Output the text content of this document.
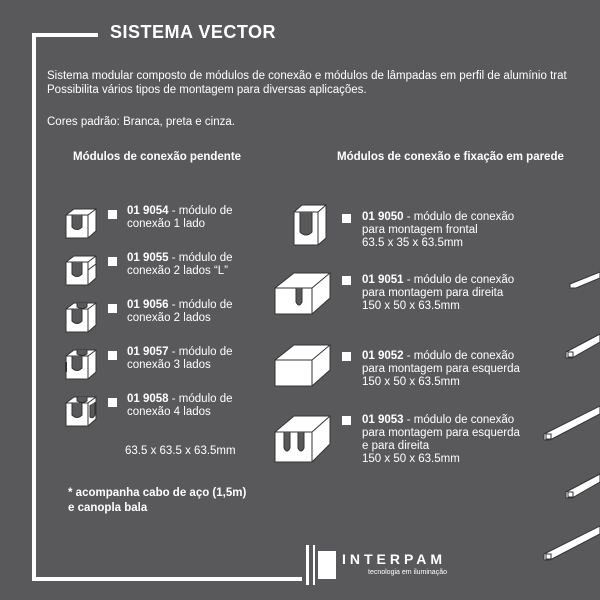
SISTEMA VECTOR
Sistema modular composto de módulos de conexão e módulos de lâmpadas em perfil de alumínio trat
Possibilita vários tipos de montagem para diversas aplicações.
Cores padrão: Branca, preta e cinza.
Módulos de conexão pendente	Módulos de conexão e fixação em parede
01 9054 - módulo de
conexão 1 lado
01 9055 - módulo de
conexão 2 lados “L”
01 9056 - módulo de
conexão 2 lados
01 9057 - módulo de
conexão 3 lados
01 9058 - módulo de
conexão 4 lados
63.5 x 63.5 x 63.5mm
* acompanha cabo de aço (1,5m)
e canopla bala
01 9050 - módulo de conexão
para montagem frontal
63.5 x 35 x 63.5mm
01 9051 - módulo de conexão
para montagem para direita
150 x 50 x 63.5mm
01 9052 - módulo de conexão
para montagem para esquerda
150 x 50 x 63.5mm
01 9053 - módulo de conexão
para montagem para esquerda
e para direita
150 x 50 x 63.5mm
INTERPAM
tecnologia em iluminação
